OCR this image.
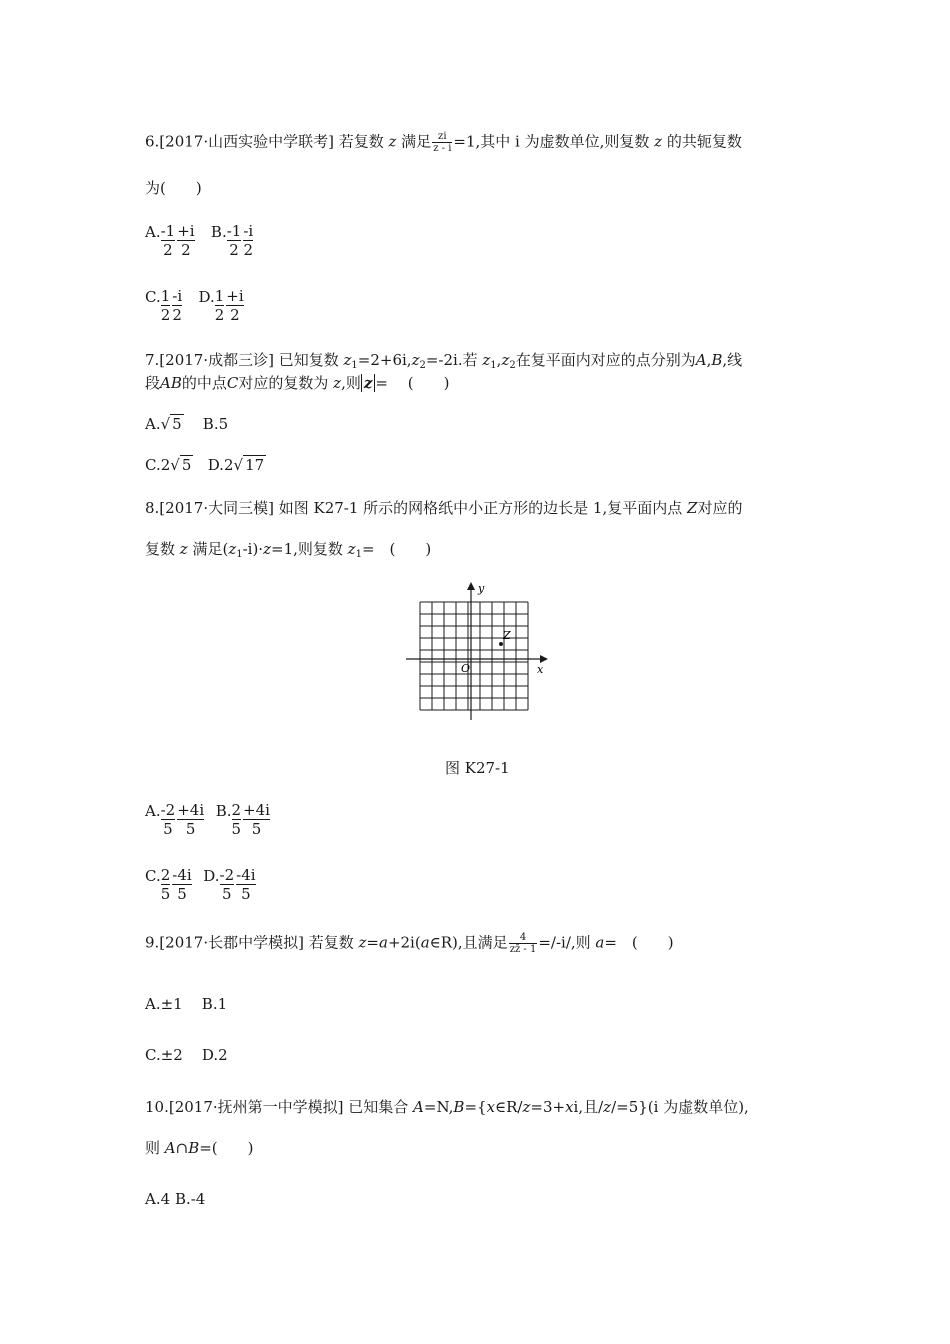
6.[2017·山西实验中学联考] 若复数 z 满足 $\frac{zi}{z - i} =1$,其中 i 为虚数单位,则复数 z 的共轭复数
为(　　)
A. $\frac{-1}{2} \frac{+i}{2} B$. $\frac{-1}{2} \frac{-i}{2}$
C. $\frac{1}{2} \frac{-i}{2} D$. $\frac{1}{2} \frac{+i}{2}$
7.[2017·成都三诊] 已知复数 $z_1=2+6i,z_2=-2i$.若 $z_1,z_2$在复平面内对应的点分别为A,B,线
段AB的中点C对应的复数为 z,则 z =　 (　　)
A.√ 5 B.5
C.2√ 5 D.2√ 17
8.[2017·大同三模] 如图 K27-1 所示的网格纸中小正方形的边长是 1,复平面内点 Z对应的
复数 z 满足$(z_1-i)\cdot z=1$,则复数 $z_1=$　(　　)
y
x
O
Z
图 K27-1
A. $\frac{-2}{5} \frac{+4i}{5} B$. $\frac{2}{5} \frac{+4i}{5}$
C. $\frac{2}{5} \frac{-4i}{5} D$. $\frac{-2}{5} \frac{-4i}{5}$
9.[2017·长郡中学模拟] 若复数 z=a+2i(a∈R),且满足 $\frac{4}{zz̄ - 1} =/-i/$,则 a=　(　　)
A.±1 B.1
C.±2 D.2
10.[2017·抚州第一中学模拟] 已知集合 A=N,B={x∈R/z=3+xi,且/z/=5}(i 为虚数单位),
则 A∩B=(　　)
A.4 B.-4
